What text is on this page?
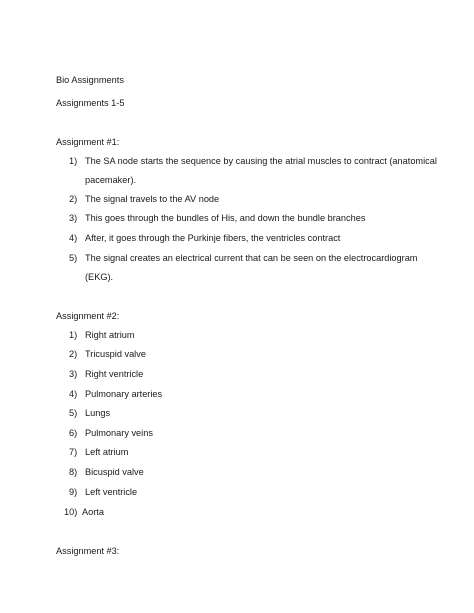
Bio Assignments
Assignments 1-5
Assignment #1:
1) The SA node starts the sequence by causing the atrial muscles to contract (anatomical
pacemaker).
2) The signal travels to the AV node
3) This goes through the bundles of His, and down the bundle branches
4) After, it goes through the Purkinje fibers, the ventricles contract
5) The signal creates an electrical current that can be seen on the electrocardiogram
(EKG).
Assignment #2:
1) Right atrium
2) Tricuspid valve
3) Right ventricle
4) Pulmonary arteries
5) Lungs
6) Pulmonary veins
7) Left atrium
8) Bicuspid valve
9) Left ventricle
10) Aorta
Assignment #3:
